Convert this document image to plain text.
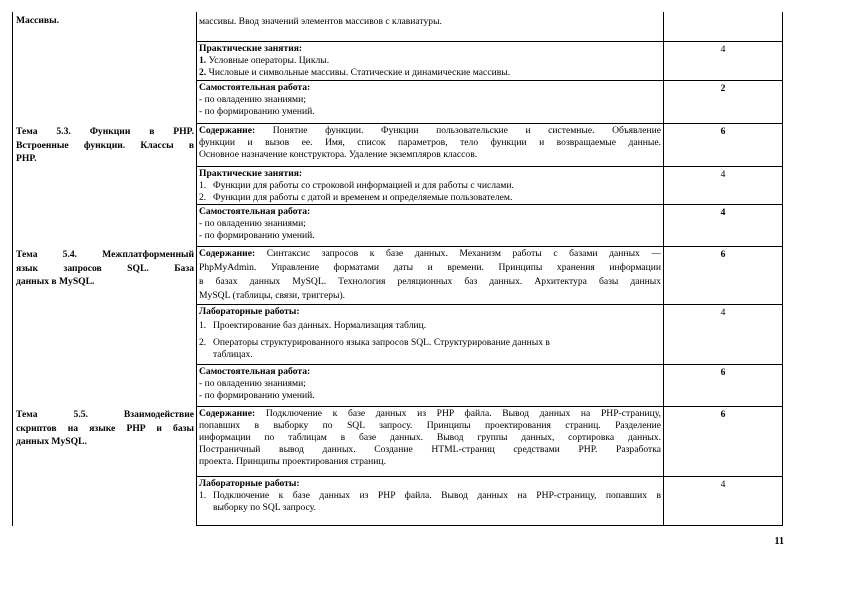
Массивы.
Тема 5.3. Функции в PHP.
Встроенные функции. Классы в
PHP.
Тема 5.4. Межплатформенный
язык запросов SQL. База
данных в MySQL.
Тема 5.5. Взаимодействие
скриптов на языке PHP и базы
данных MySQL.
массивы. Ввод значений элементов массивов с клавиатуры.
Практические занятия:
1. Условные операторы. Циклы.
2. Числовые и символьные массивы. Статические и динамические массивы.
Самостоятельная работа:
- по овладению знаниями;
- по формированию умений.
Содержание: Понятие функции. Функции пользовательские и системные. Объявление
функции и вызов ее. Имя, список параметров, тело функции и возвращаемые данные.
Основное назначение конструктора. Удаление экземпляров классов.
Практические занятия:
1. Функции для работы со строковой информацией и для работы с числами.
2. Функции для работы с датой и временем и определяемые пользователем.
Самостоятельная работа:
- по овладению знаниями;
- по формированию умений.
Содержание: Синтаксис запросов к базе данных. Механизм работы с базами данных —
PhpMyAdmin. Управление форматами даты и времени. Принципы хранения информации
в базах данных MySQL. Технология реляционных баз данных. Архитектура базы данных
MySQL (таблицы, связи, триггеры).
Лабораторные работы:
1. Проектирование баз данных. Нормализация таблиц.
2. Операторы структурированного языка запросов SQL. Структурирование данных в
таблицах.
Самостоятельная работа:
- по овладению знаниями;
- по формированию умений.
Содержание: Подключение к базе данных из PHP файла. Вывод данных на PHP-страницу,
попавших в выборку по SQL запросу. Принципы проектирования страниц. Разделение
информации по таблицам в базе данных. Вывод группы данных, сортировка данных.
Постраничный вывод данных. Создание HTML-страниц средствами PHP. Разработка
проекта. Принципы проектирования страниц.
Лабораторные работы:
1. Подключение к базе данных из PHP файла. Вывод данных на PHP-страницу, попавших в
выборку по SQL запросу.
4
2
6
4
4
6
4
6
6
4
11
